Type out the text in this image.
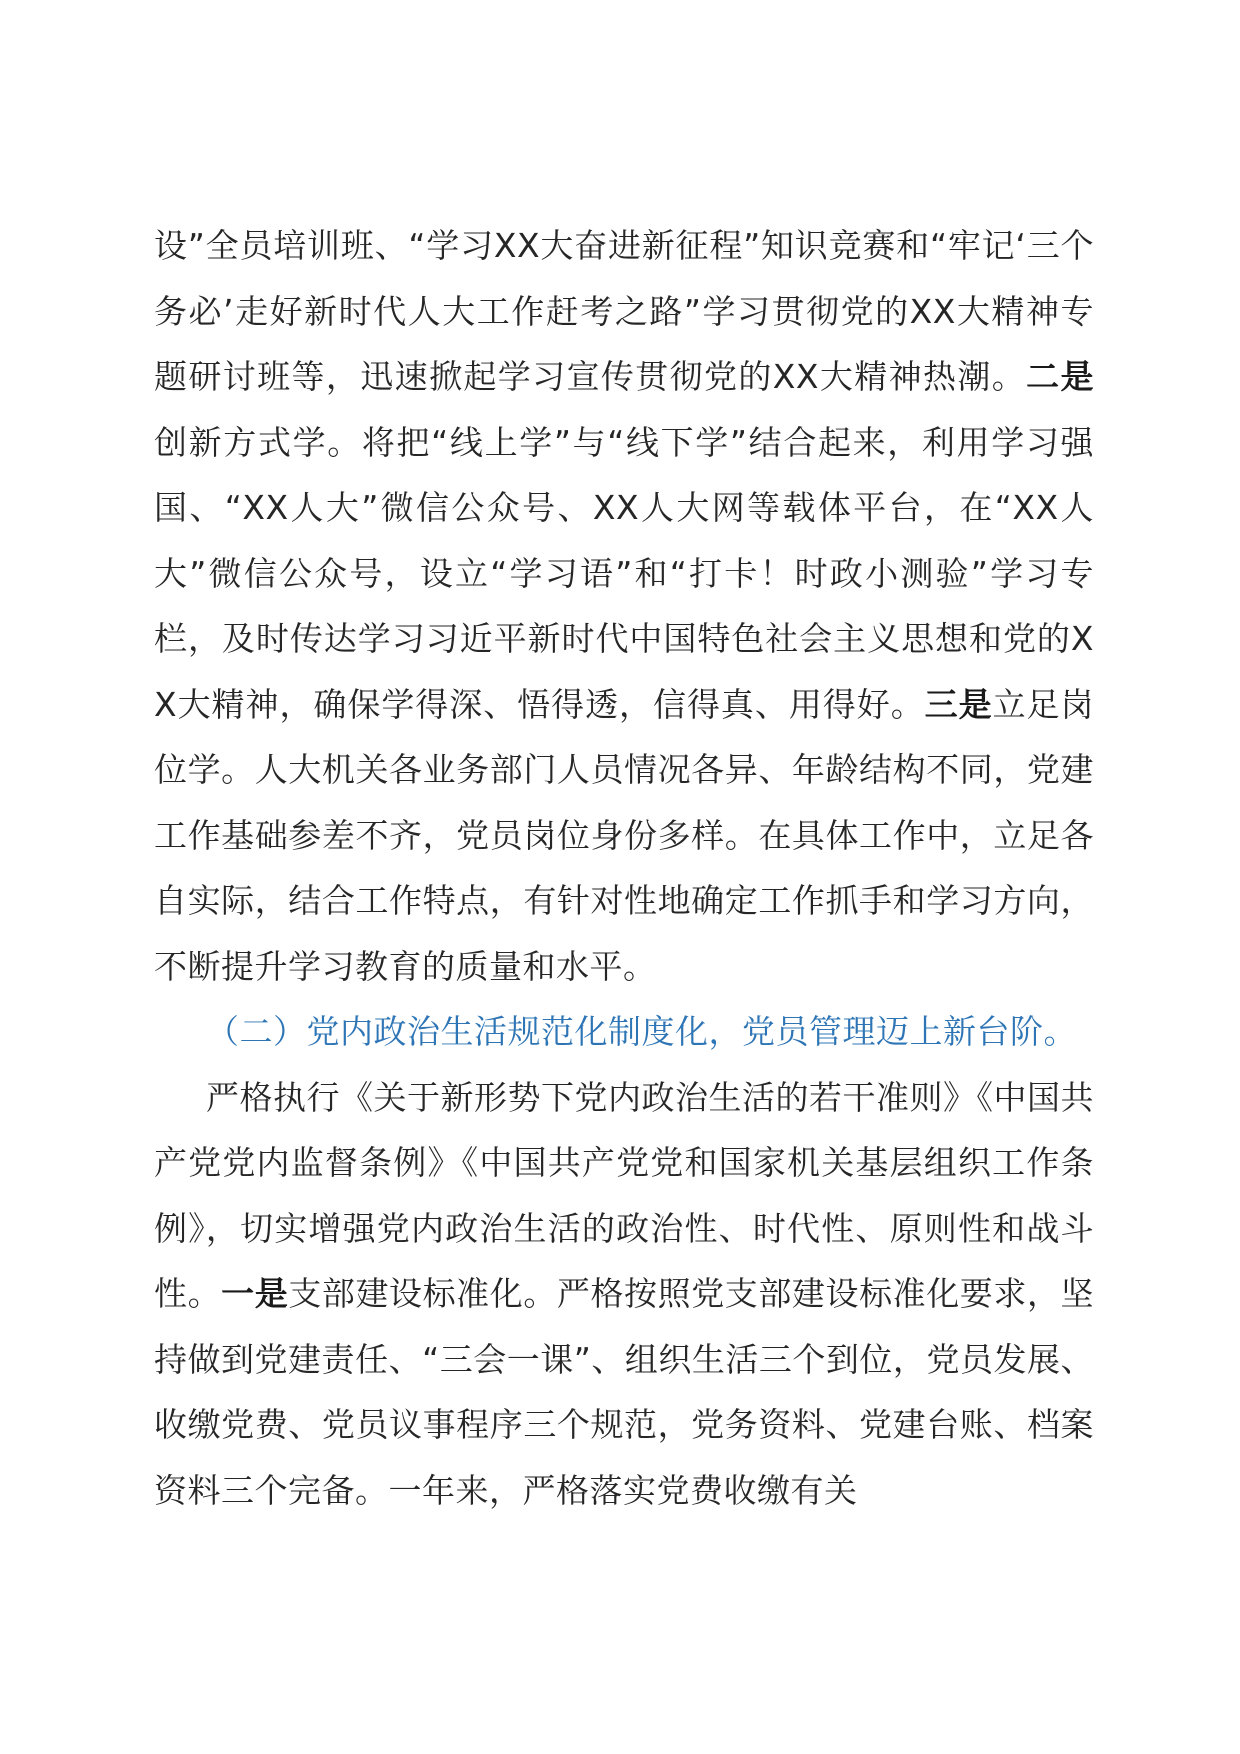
设”全员培训班、“学习XX大奋进新征程”知识竞赛和“牢记‘三个务必’走好新时代人大工作赶考之路”学习贯彻党的XX大精神专题研讨班等，迅速掀起学习宣传贯彻党的XX大精神热潮。二是创新方式学。将把“线上学”与“线下学”结合起来，利用学习强国、“XX人大”微信公众号、XX人大网等载体平台，在“XX人大”微信公众号，设立“学习语”和“打卡！时政小测验”学习专栏，及时传达学习习近平新时代中国特色社会主义思想和党的XX大精神，确保学得深、悟得透，信得真、用得好。三是立足岗位学。人大机关各业务部门人员情况各异、年龄结构不同，党建工作基础参差不齐，党员岗位身份多样。在具体工作中，立足各自实际，结合工作特点，有针对性地确定工作抓手和学习方向，不断提升学习教育的质量和水平。

（二）党内政治生活规范化制度化，党员管理迈上新台阶。

严格执行《关于新形势下党内政治生活的若干准则》《中国共产党党内监督条例》《中国共产党党和国家机关基层组织工作条例》，切实增强党内政治生活的政治性、时代性、原则性和战斗性。一是支部建设标准化。严格按照党支部建设标准化要求，坚持做到党建责任、“三会一课”、组织生活三个到位，党员发展、收缴党费、党员议事程序三个规范，党务资料、党建台账、档案资料三个完备。一年来，严格落实党费收缴有关
